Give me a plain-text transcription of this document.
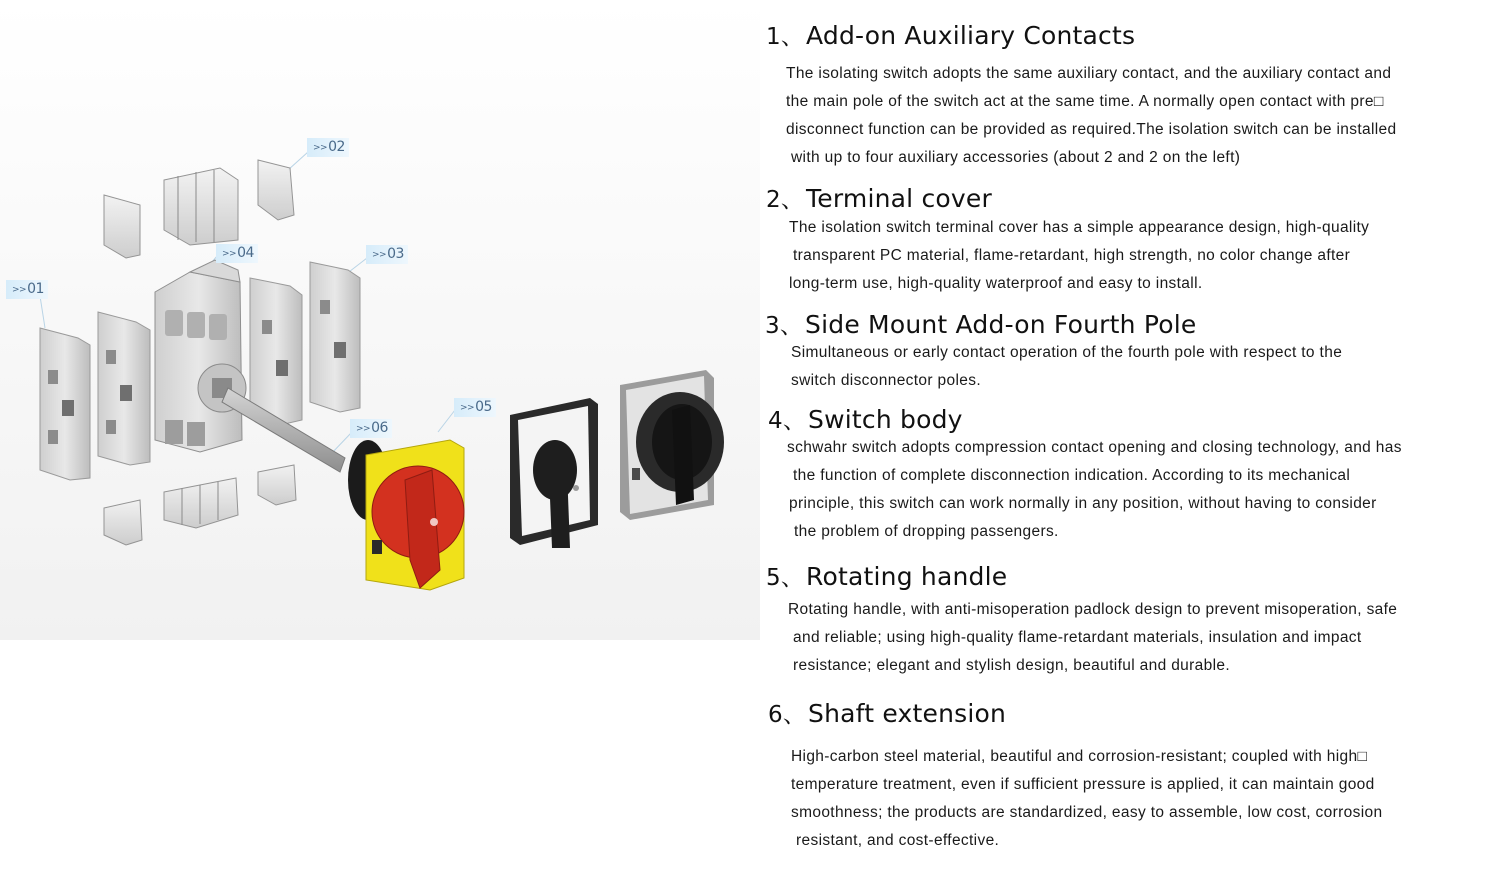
>>01
>>02
>>03
>>04
>>05
>>06
1、Add-on Auxiliary Contacts
The isolating switch adopts the same auxiliary contact, and the auxiliary contact and
the main pole of the switch act at the same time. A normally open contact with pre□
disconnect function can be provided as required.The isolation switch can be installed
with up to four auxiliary accessories (about 2 and 2 on the left)
2、Terminal cover
The isolation switch terminal cover has a simple appearance design, high-quality
transparent PC material, flame-retardant, high strength, no color change after
long-term use, high-quality waterproof and easy to install.
3、Side Mount Add-on Fourth Pole
Simultaneous or early contact operation of the fourth pole with respect to the
switch disconnector poles.
4、Switch body
schwahr switch adopts compression contact opening and closing technology, and has
the function of complete disconnection indication. According to its mechanical
principle, this switch can work normally in any position, without having to consider
the problem of dropping passengers.
5、Rotating handle
Rotating handle, with anti-misoperation padlock design to prevent misoperation, safe
and reliable; using high-quality flame-retardant materials, insulation and impact
resistance; elegant and stylish design, beautiful and durable.
6、Shaft extension
High-carbon steel material, beautiful and corrosion-resistant; coupled with high□
temperature treatment, even if sufficient pressure is applied, it can maintain good
smoothness; the products are standardized, easy to assemble, low cost, corrosion
resistant, and cost-effective.
